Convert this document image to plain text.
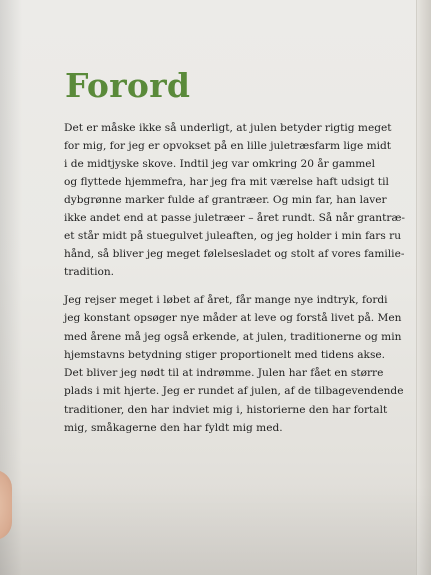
Forord

Det er måske ikke så underligt, at julen betyder rigtig meget
for mig, for jeg er opvokset på en lille juletræsfarm lige midt
i de midtjyske skove. Indtil jeg var omkring 20 år gammel
og flyttede hjemmefra, har jeg fra mit værelse haft udsigt til
dybgrønne marker fulde af grantræer. Og min far, han laver
ikke andet end at passe juletræer – året rundt. Så når grantræ-
et står midt på stuegulvet juleaften, og jeg holder i min fars ru
hånd, så bliver jeg meget følelsesladet og stolt af vores familie-
tradition.

Jeg rejser meget i løbet af året, får mange nye indtryk, fordi
jeg konstant opsøger nye måder at leve og forstå livet på. Men
med årene må jeg også erkende, at julen, traditionerne og min
hjemstavns betydning stiger proportionelt med tidens akse.
Det bliver jeg nødt til at indrømme. Julen har fået en større
plads i mit hjerte. Jeg er rundet af julen, af de tilbagevendende
traditioner, den har indviet mig i, historierne den har fortalt
mig, småkagerne den har fyldt mig med.
